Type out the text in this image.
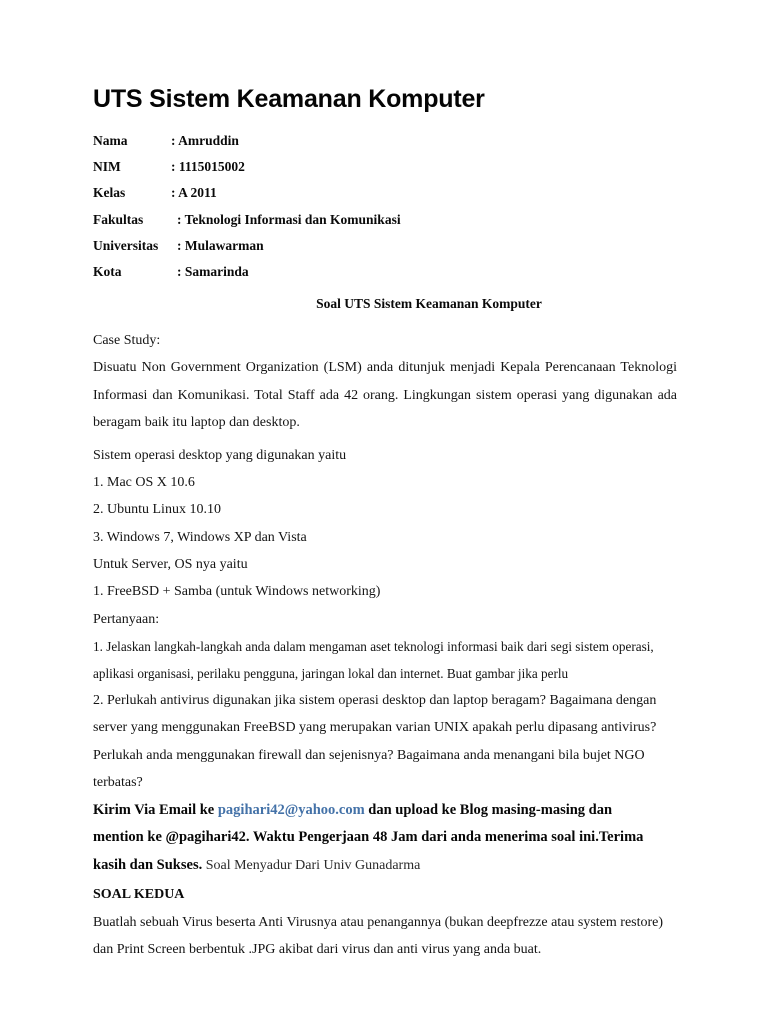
UTS Sistem Keamanan Komputer
Nama	: Amruddin
NIM	: 1115015002
Kelas	: A 2011
Fakultas : Teknologi Informasi dan Komunikasi
Universitas : Mulawarman
Kota	: Samarinda
Soal UTS Sistem Keamanan Komputer

Case Study:

Disuatu Non Government Organization (LSM) anda ditunjuk menjadi Kepala Perencanaan Teknologi Informasi dan Komunikasi. Total Staff ada 42 orang. Lingkungan sistem operasi yang digunakan ada beragam baik itu laptop dan desktop.

Sistem operasi desktop yang digunakan yaitu

1. Mac OS X 10.6

2. Ubuntu Linux 10.10

3. Windows 7, Windows XP dan Vista

Untuk Server, OS nya yaitu

1. FreeBSD + Samba (untuk Windows networking)

Pertanyaan:

1. Jelaskan langkah-langkah anda dalam mengaman aset teknologi informasi baik dari segi sistem operasi, aplikasi organisasi, perilaku pengguna, jaringan lokal dan internet. Buat gambar jika perlu

2. Perlukah antivirus digunakan jika sistem operasi desktop dan laptop beragam? Bagaimana dengan server yang menggunakan FreeBSD yang merupakan varian UNIX apakah perlu dipasang antivirus? Perlukah anda menggunakan firewall dan sejenisnya? Bagaimana anda menangani bila bujet NGO terbatas?

Kirim Via Email ke pagihari42@yahoo.com dan upload ke Blog masing-masing dan mention ke @pagihari42. Waktu Pengerjaan 48 Jam dari anda menerima soal ini.Terima kasih dan Sukses. Soal Menyadur Dari Univ Gunadarma

SOAL KEDUA

Buatlah sebuah Virus beserta Anti Virusnya atau penangannya (bukan deepfrezze atau system restore) dan Print Screen berbentuk .JPG akibat dari virus dan anti virus yang anda buat.
